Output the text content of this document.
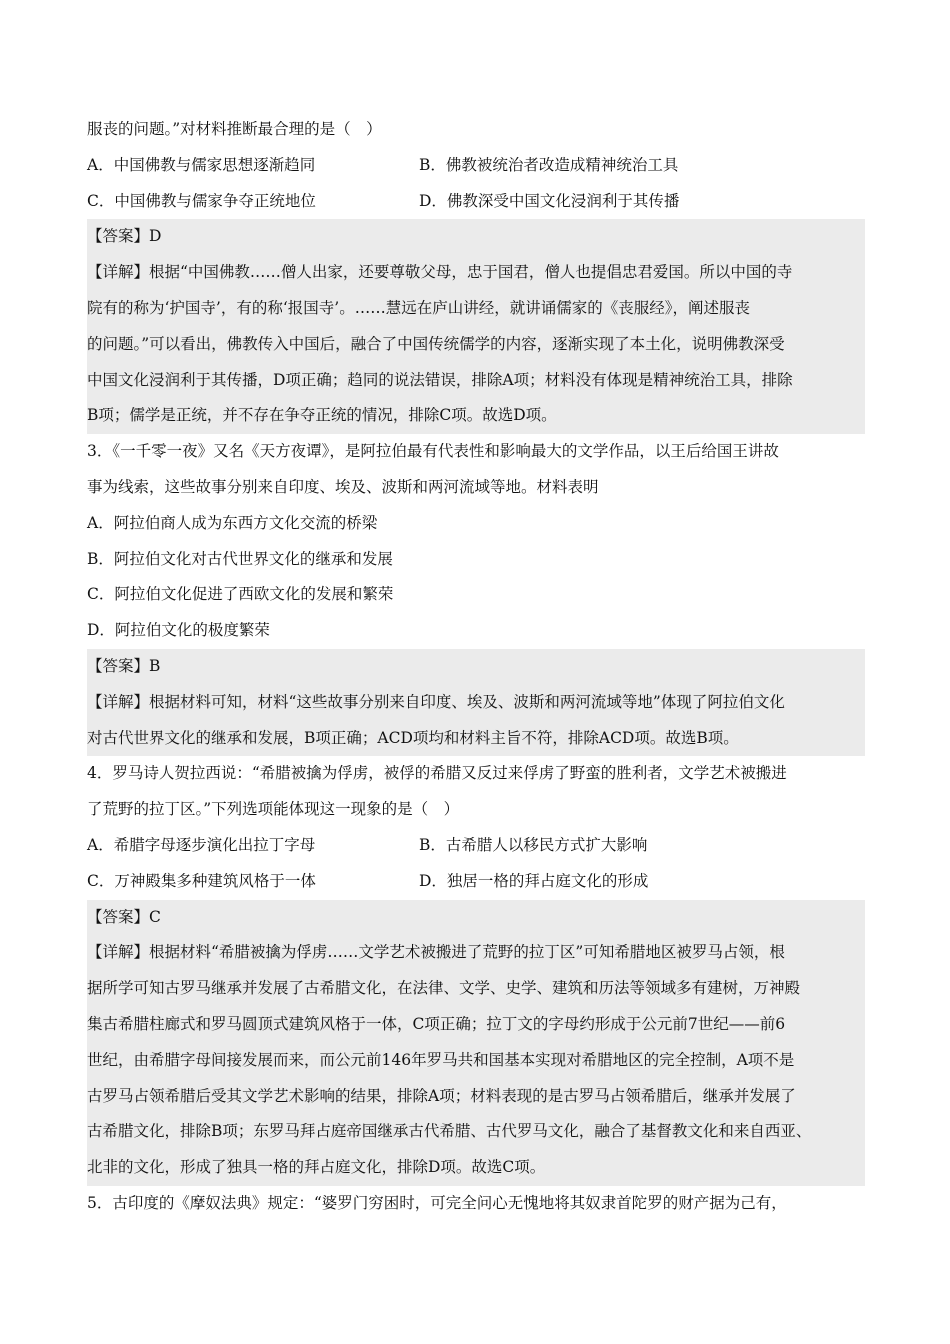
服丧的问题。”对材料推断最合理的是（　）
A．中国佛教与儒家思想逐渐趋同	B．佛教被统治者改造成精神统治工具
C．中国佛教与儒家争夺正统地位	D．佛教深受中国文化浸润利于其传播
【答案】D
【详解】根据“中国佛教……僧人出家，还要尊敬父母，忠于国君，僧人也提倡忠君爱国。所以中国的寺
院有的称为‘护国寺’，有的称‘报国寺’。……慧远在庐山讲经，就讲诵儒家的《丧服经》，阐述服丧
的问题。”可以看出，佛教传入中国后，融合了中国传统儒学的内容，逐渐实现了本土化，说明佛教深受
中国文化浸润利于其传播，D项正确；趋同的说法错误，排除A项；材料没有体现是精神统治工具，排除
B项；儒学是正统，并不存在争夺正统的情况，排除C项。故选D项。
3．《一千零一夜》又名《天方夜谭》，是阿拉伯最有代表性和影响最大的文学作品，以王后给国王讲故
事为线索，这些故事分别来自印度、埃及、波斯和两河流域等地。材料表明
A．阿拉伯商人成为东西方文化交流的桥梁
B．阿拉伯文化对古代世界文化的继承和发展
C．阿拉伯文化促进了西欧文化的发展和繁荣
D．阿拉伯文化的极度繁荣
【答案】B
【详解】根据材料可知，材料“这些故事分别来自印度、埃及、波斯和两河流域等地”体现了阿拉伯文化
对古代世界文化的继承和发展，B项正确；ACD项均和材料主旨不符，排除ACD项。故选B项。
4．罗马诗人贺拉西说：“希腊被擒为俘虏，被俘的希腊又反过来俘虏了野蛮的胜利者，文学艺术被搬进
了荒野的拉丁区。”下列选项能体现这一现象的是（　）
A．希腊字母逐步演化出拉丁字母	B．古希腊人以移民方式扩大影响
C．万神殿集多种建筑风格于一体	D．独居一格的拜占庭文化的形成
【答案】C
【详解】根据材料“希腊被擒为俘虏……文学艺术被搬进了荒野的拉丁区”可知希腊地区被罗马占领，根
据所学可知古罗马继承并发展了古希腊文化，在法律、文学、史学、建筑和历法等领域多有建树，万神殿
集古希腊柱廊式和罗马圆顶式建筑风格于一体，C项正确；拉丁文的字母约形成于公元前7世纪——前6
世纪，由希腊字母间接发展而来，而公元前146年罗马共和国基本实现对希腊地区的完全控制，A项不是
古罗马占领希腊后受其文学艺术影响的结果，排除A项；材料表现的是古罗马占领希腊后，继承并发展了
古希腊文化，排除B项；东罗马拜占庭帝国继承古代希腊、古代罗马文化，融合了基督教文化和来自西亚、
北非的文化，形成了独具一格的拜占庭文化，排除D项。故选C项。
5．古印度的《摩奴法典》规定：“婆罗门穷困时，可完全问心无愧地将其奴隶首陀罗的财产据为己有，
